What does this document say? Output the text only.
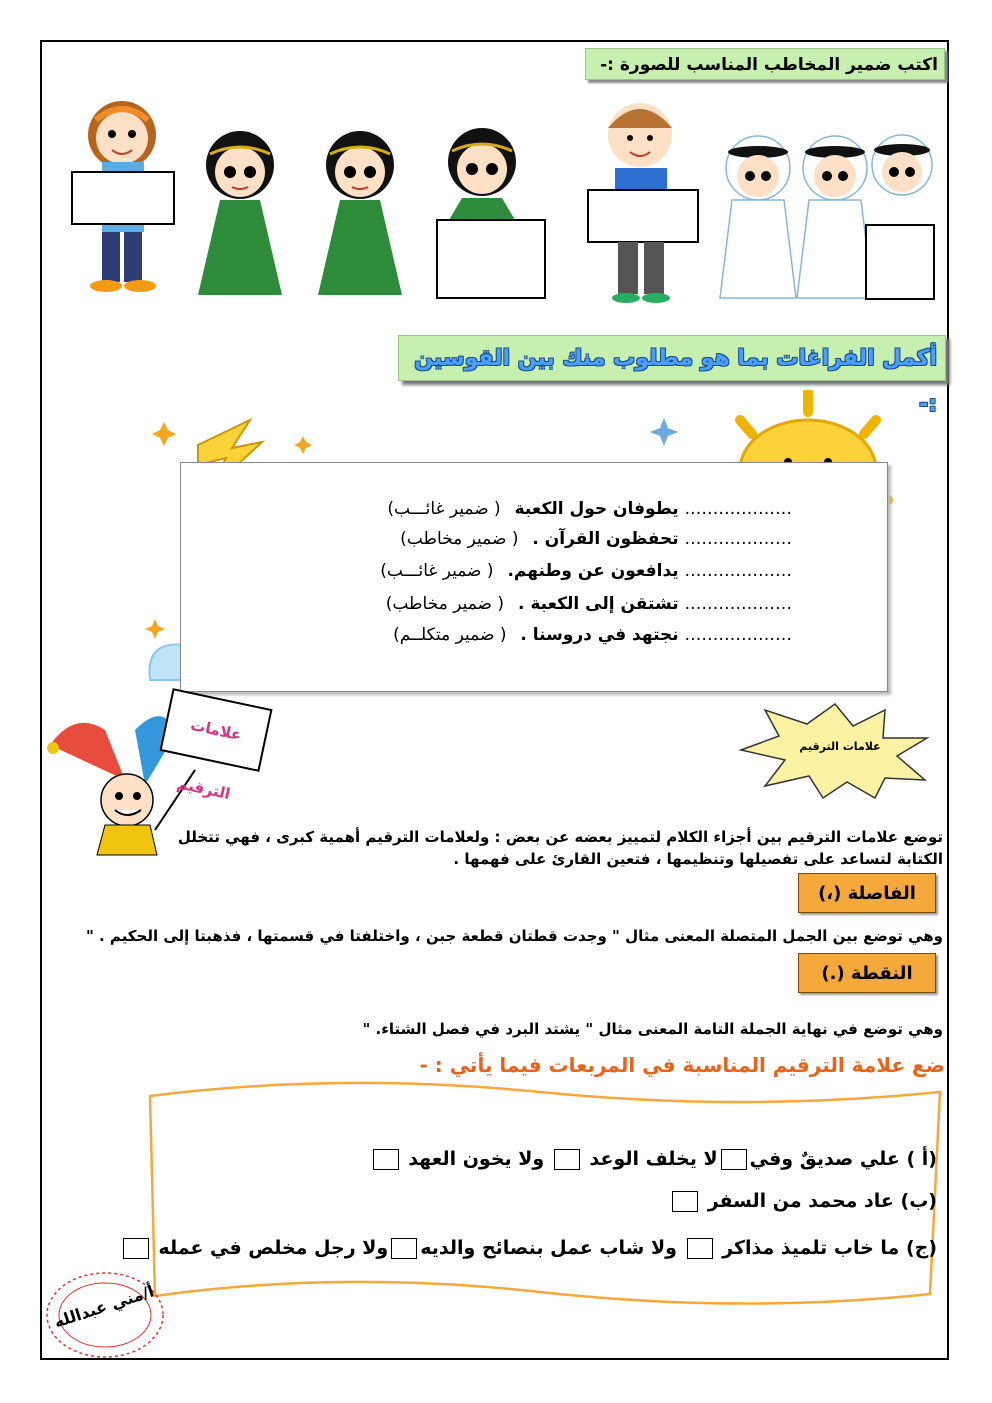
اكتب ضمير المخاطب المناسب للصورة :-
أكمل الفراغات بما هو مطلوب منك بين القوسين :-
………………. يطوفان حول الكعبة ( ضمير غائـــب)
………………. تحفظون القرآن . ( ضمير مخاطب)
………………. يدافعون عن وطنهم. ( ضمير غائـــب)
………………. تشتقن إلى الكعبة . ( ضمير مخاطب)
………………. نجتهد في دروسنا . ( ضمير متكلــم)
علامات الترقيم
علامات الترقيم
توضع علامات الترقيم بين أجزاء الكلام لتمييز بعضه عن بعض : ولعلامات الترقيم أهمية كبرى ، فهي تتخلل الكتابة لتساعد على تفصيلها وتنظيمها ، فتعين القارئ على فهمها .
الفاصلة (،)
وهي توضع بين الجمل المتصلة المعنى مثال " وجدت قطتان قطعة جبن ، واختلفتا في قسمتها ، فذهبتا إلى الحكيم . "
النقطة (.)
وهي توضع في نهاية الجملة التامة المعنى مثال " يشتد البرد في فصل الشتاء. "
ضع علامة الترقيم المناسبة في المربعات فيما يأتي : -
(أ ) علي صديقٌ وفيلا يخلف الوعد  ولا يخون العهد
(ب) عاد محمد من السفر
(ج) ما خاب تلميذ مذاكر  ولا شاب عمل بنصائح والديهولا رجل مخلص في عمله
أ/مني عبدالله
